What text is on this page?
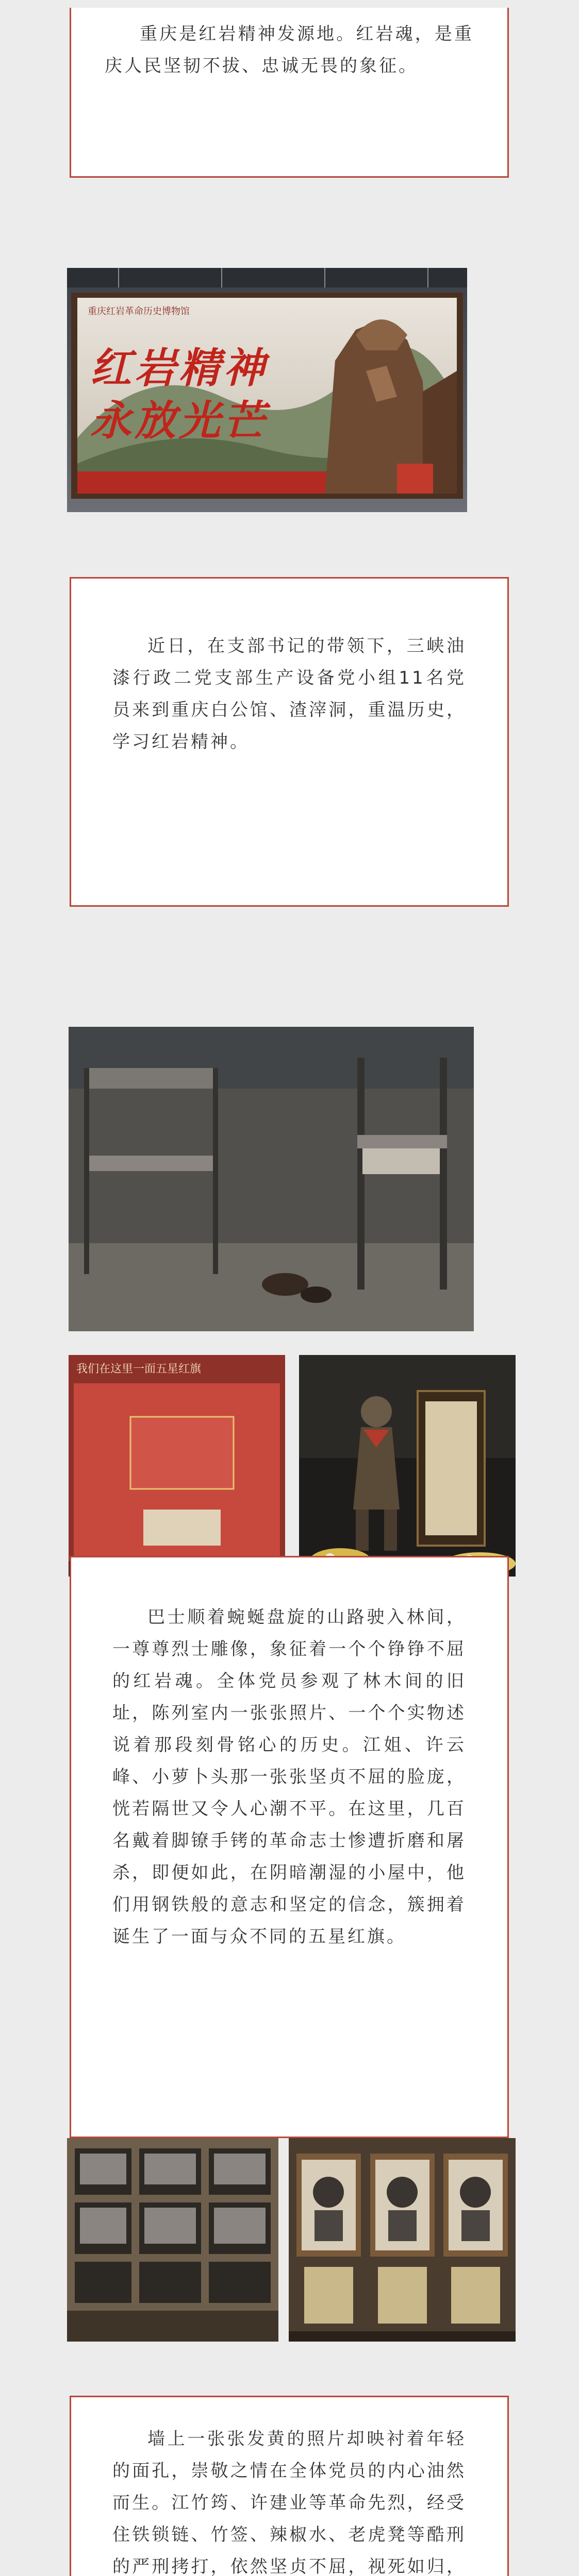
重庆是红岩精神发源地。红岩魂，是重庆人民坚韧不拔、忠诚无畏的象征。

重庆红岩革命历史博物馆
红岩精神
永放光芒

近日，在支部书记的带领下，三峡油漆行政二党支部生产设备党小组11名党员来到重庆白公馆、渣滓洞，重温历史，学习红岩精神。

我们在这里一面五星红旗

巴士顺着蜿蜒盘旋的山路驶入林间，一尊尊烈士雕像，象征着一个个铮铮不屈的红岩魂。全体党员参观了林木间的旧址，陈列室内一张张照片、一个个实物述说着那段刻骨铭心的历史。江姐、许云峰、小萝卜头那一张张坚贞不屈的脸庞，恍若隔世又令人心潮不平。在这里，几百名戴着脚镣手铐的革命志士惨遭折磨和屠杀，即便如此，在阴暗潮湿的小屋中，他们用钢铁般的意志和坚定的信念，簇拥着诞生了一面与众不同的五星红旗。

墙上一张张发黄的照片却映衬着年轻的面孔，崇敬之情在全体党员的内心油然而生。江竹筠、许建业等革命先烈，经受住铁锁链、竹签、辣椒水、老虎凳等酷刑的严刑拷打，依然坚贞不屈，视死如归，
